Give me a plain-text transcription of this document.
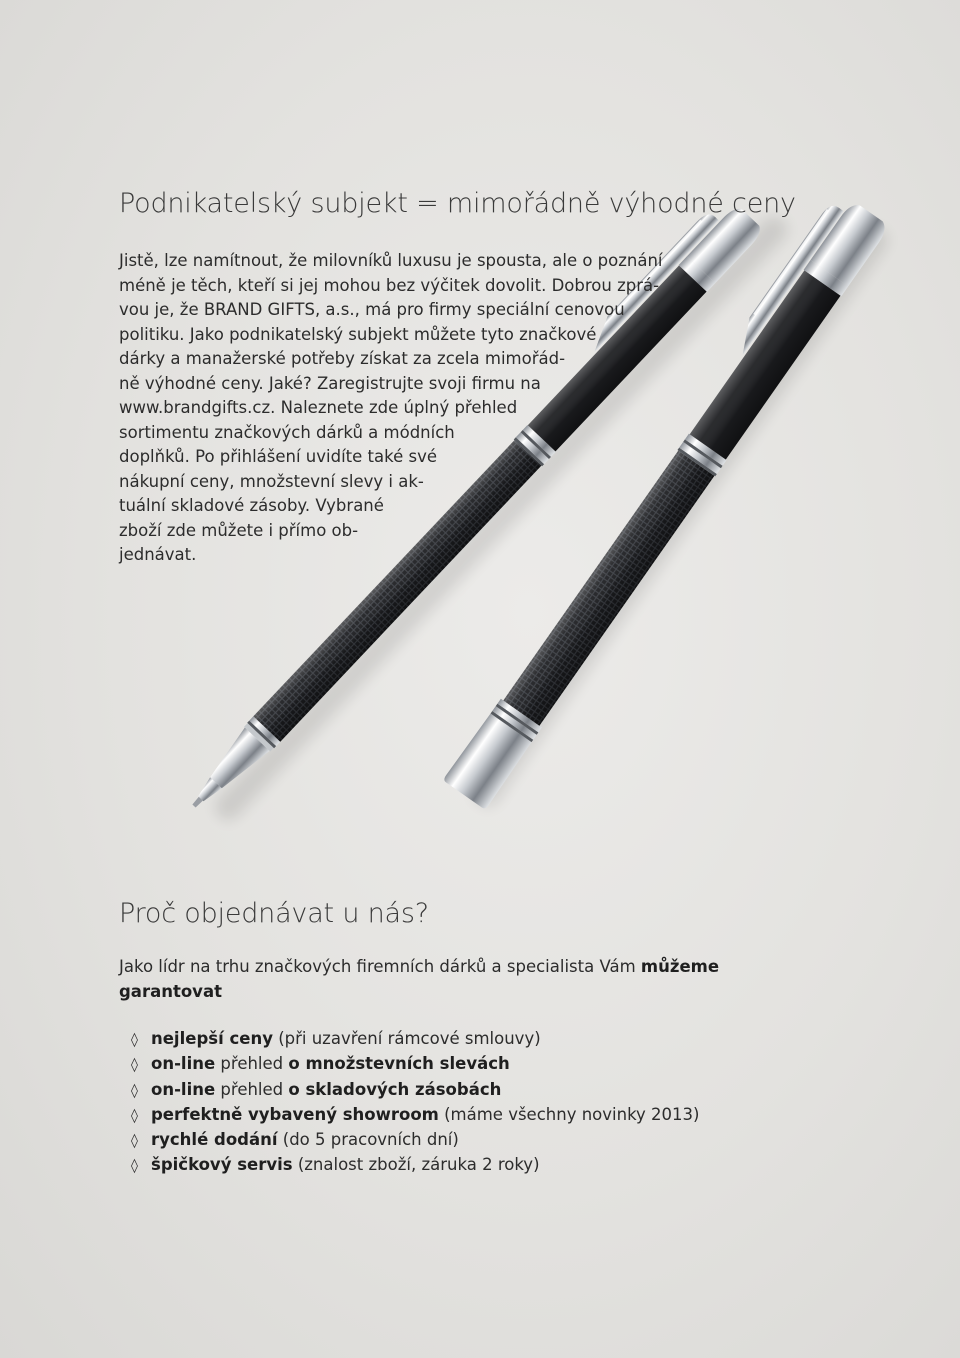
Podnikatelský subjekt = mimořádně výhodné ceny

Jistě, lze namítnout, že milovníků luxusu je spousta, ale o poznání
méně je těch, kteří si jej mohou bez výčitek dovolit. Dobrou zprá-
vou je, že BRAND GIFTS, a.s., má pro firmy speciální cenovou
politiku. Jako podnikatelský subjekt můžete tyto značkové
dárky a manažerské potřeby získat za zcela mimořád-
ně výhodné ceny. Jaké? Zaregistrujte svoji firmu na
www.brandgifts.cz. Naleznete zde úplný přehled
sortimentu značkových dárků a módních
doplňků. Po přihlášení uvidíte také své
nákupní ceny, množstevní slevy i ak-
tuální skladové zásoby. Vybrané
zboží zde můžete i přímo ob-
jednávat.

Proč objednávat u nás?

Jako lídr na trhu značkových firemních dárků a specialista Vám můžeme
garantovat

◊ nejlepší ceny (při uzavření rámcové smlouvy)
◊ on-line přehled o množstevních slevách
◊ on-line přehled o skladových zásobách
◊ perfektně vybavený showroom (máme všechny novinky 2013)
◊ rychlé dodání (do 5 pracovních dní)
◊ špičkový servis (znalost zboží, záruka 2 roky)
